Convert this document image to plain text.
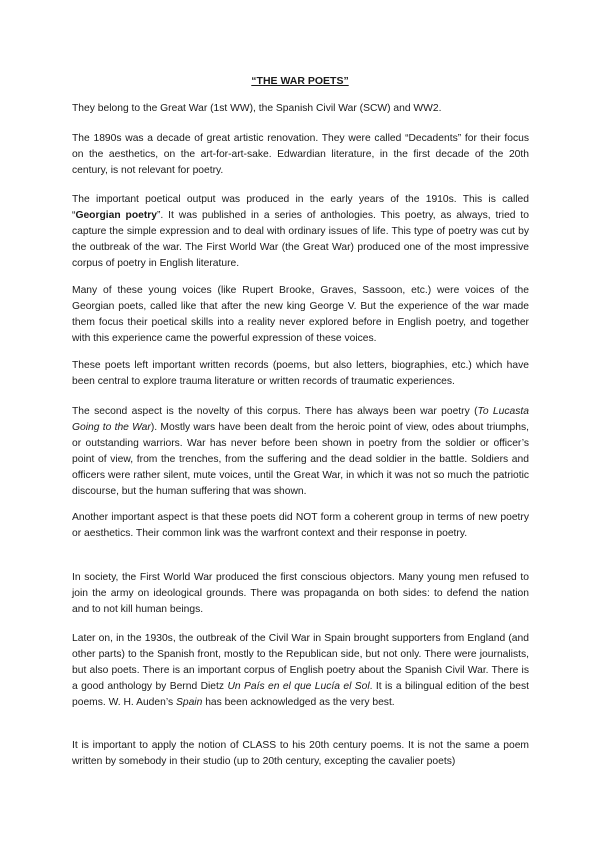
“THE WAR POETS”

They belong to the Great War (1st WW), the Spanish Civil War (SCW) and WW2.

The 1890s was a decade of great artistic renovation. They were called “Decadents” for their focus on the aesthetics, on the art-for-art-sake. Edwardian literature, in the first decade of the 20th century, is not relevant for poetry.

The important poetical output was produced in the early years of the 1910s. This is called “Georgian poetry”. It was published in a series of anthologies. This poetry, as always, tried to capture the simple expression and to deal with ordinary issues of life. This type of poetry was cut by the outbreak of the war. The First World War (the Great War) produced one of the most impressive corpus of poetry in English literature.

Many of these young voices (like Rupert Brooke, Graves, Sassoon, etc.) were voices of the Georgian poets, called like that after the new king George V. But the experience of the war made them focus their poetical skills into a reality never explored before in English poetry, and together with this experience came the powerful expression of these voices.

These poets left important written records (poems, but also letters, biographies, etc.) which have been central to explore trauma literature or written records of traumatic experiences.

The second aspect is the novelty of this corpus. There has always been war poetry (To Lucasta Going to the War). Mostly wars have been dealt from the heroic point of view, odes about triumphs, or outstanding warriors. War has never before been shown in poetry from the soldier or officer’s point of view, from the trenches, from the suffering and the dead soldier in the battle. Soldiers and officers were rather silent, mute voices, until the Great War, in which it was not so much the patriotic discourse, but the human suffering that was shown.

Another important aspect is that these poets did NOT form a coherent group in terms of new poetry or aesthetics. Their common link was the warfront context and their response in poetry.

In society, the First World War produced the first conscious objectors. Many young men refused to join the army on ideological grounds. There was propaganda on both sides: to defend the nation and to not kill human beings.

Later on, in the 1930s, the outbreak of the Civil War in Spain brought supporters from England (and other parts) to the Spanish front, mostly to the Republican side, but not only. There were journalists, but also poets. There is an important corpus of English poetry about the Spanish Civil War. There is a good anthology by Bernd Dietz Un País en el que Lucía el Sol. It is a bilingual edition of the best poems. W. H. Auden’s Spain has been acknowledged as the very best.

It is important to apply the notion of CLASS to his 20th century poems. It is not the same a poem written by somebody in their studio (up to 20th century, excepting the cavalier poets)
